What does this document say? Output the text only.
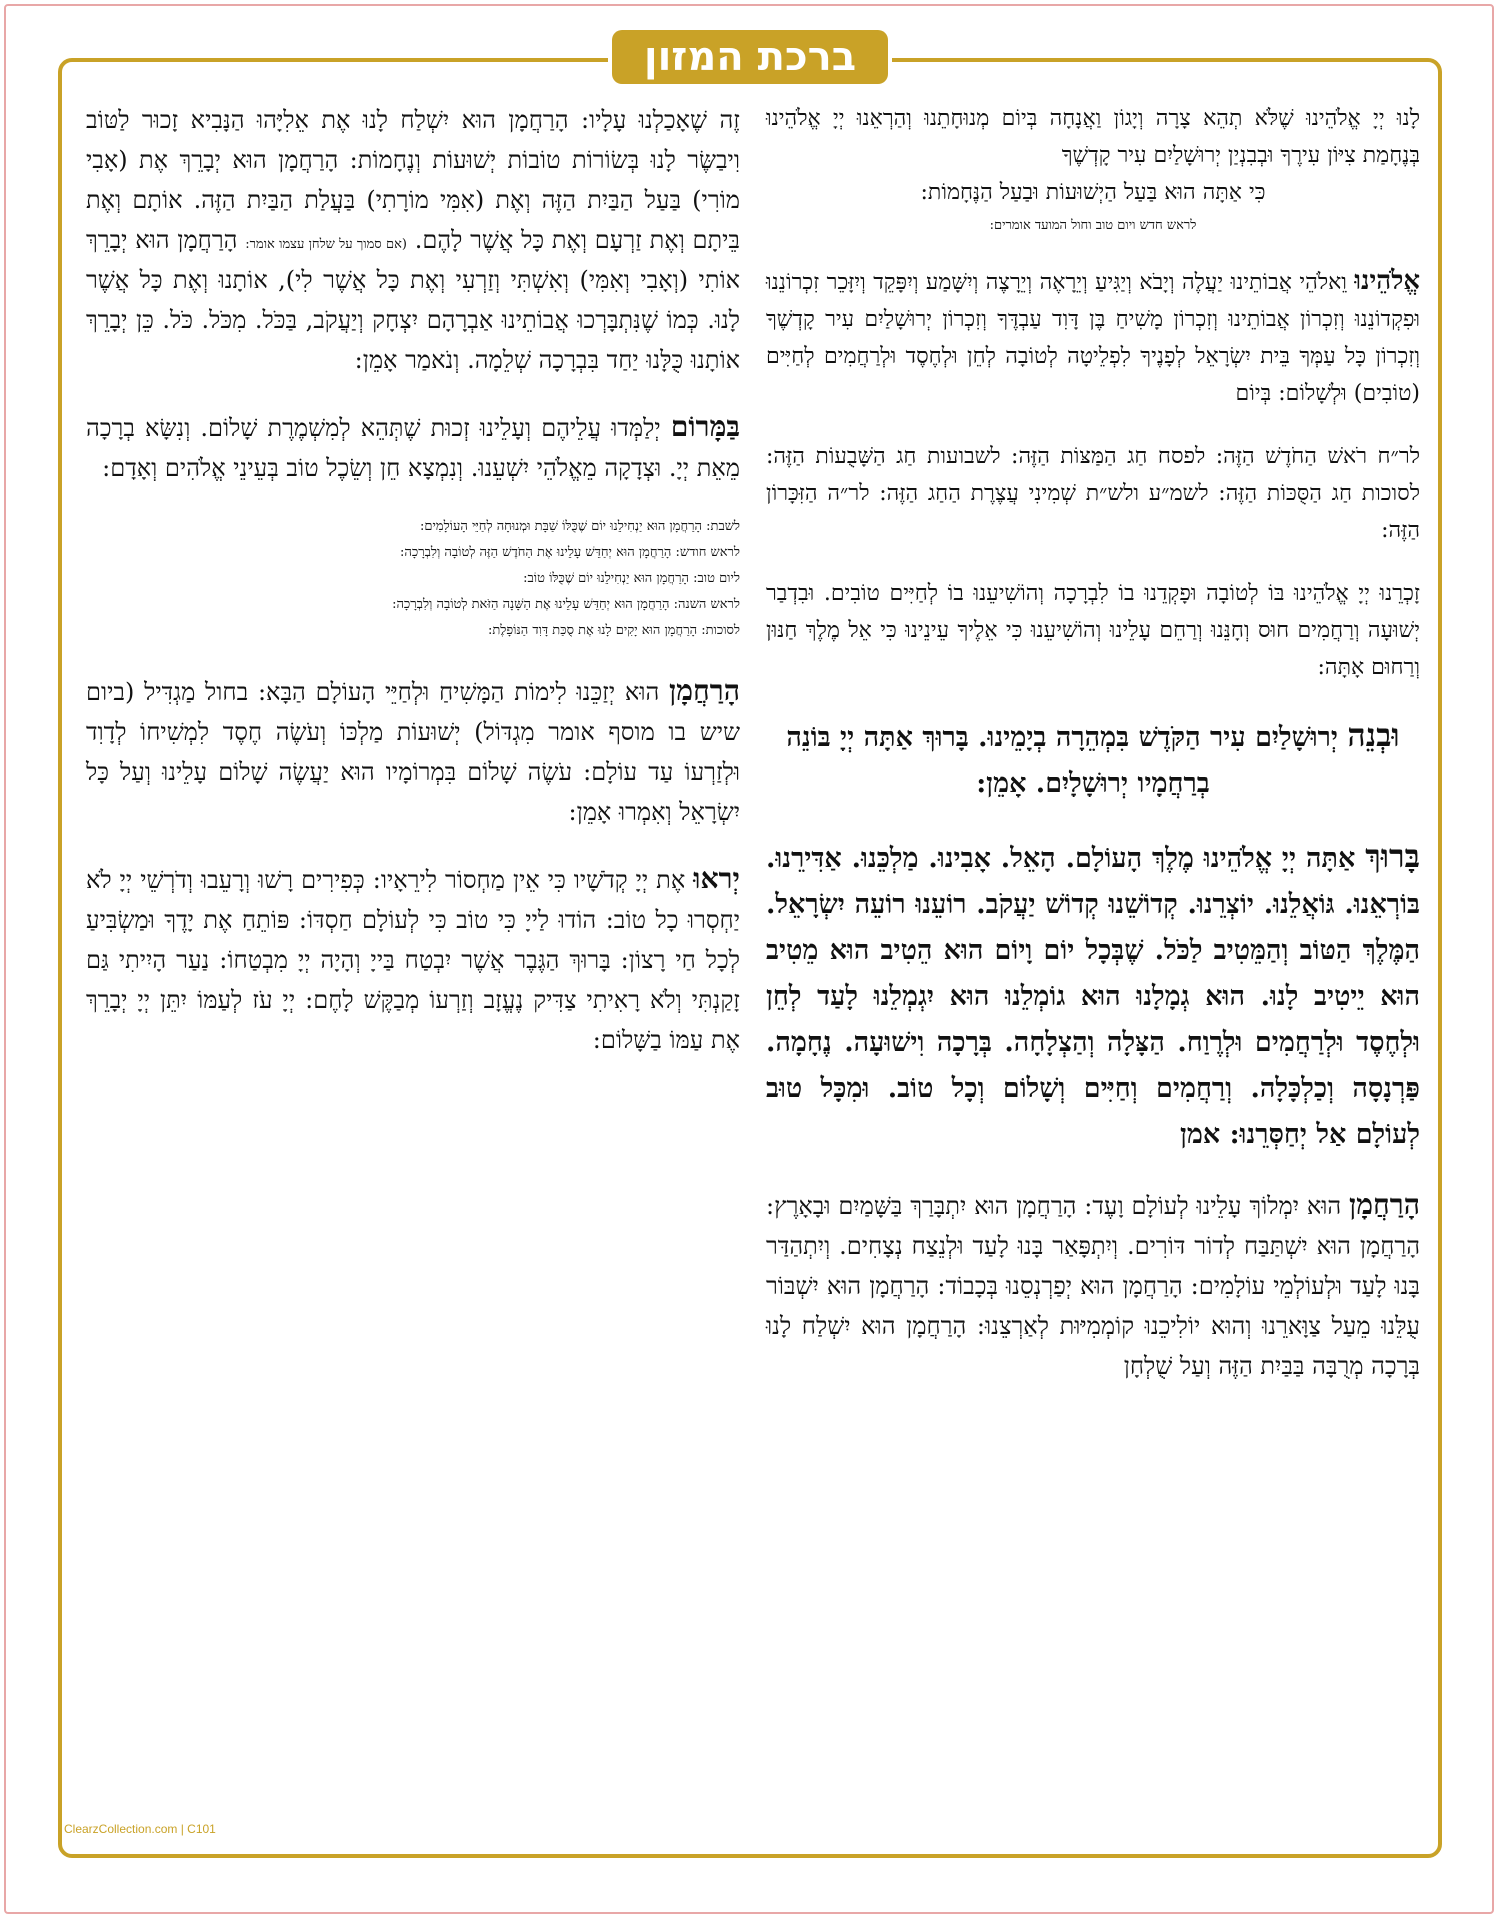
ברכת המזון
לָנוּ יְיָ אֱלֹהֵינוּ שֶׁלֹּא תְהֵא צָרָה וְיָגוֹן וַאֲנָחָה בְּיוֹם מְנוּחָתֵנוּ וְהַרְאֵנוּ יְיָ אֱלֹהֵינוּ בְּנֶחָמַת צִיּוֹן עִירֶךָ וּבְבִנְיַן יְרוּשָׁלַיִם עִיר קָדְשֶׁךָ
כִּי אַתָּה הוּא בַּעַל הַיְשׁוּעוֹת וּבַעַל הַנֶּחָמוֹת:
לראש חדש ויום טוב וחול המועד אומרים:
אֱלֹהֵינוּ וֵאלֹהֵי אֲבוֹתֵינוּ יַעֲלֶה וְיָבֹא וְיַגִּיעַ וְיֵרָאֶה וְיֵרָצֶה וְיִשָּׁמַע וְיִפָּקֵד וְיִזָּכֵר זִכְרוֹנֵנוּ וּפִקְדוֹנֵנוּ וְזִכְרוֹן אֲבוֹתֵינוּ וְזִכְרוֹן מָשִׁיחַ בֶּן דָּוִד עַבְדֶּךָ וְזִכְרוֹן יְרוּשָׁלַיִם עִיר קָדְשֶׁךָ וְזִכְרוֹן כָּל עַמְּךָ בֵּית יִשְׂרָאֵל לְפָנֶיךָ לִפְלֵיטָה לְטוֹבָה לְחֵן וּלְחֶסֶד וּלְרַחֲמִים לְחַיִּים (טוֹבִים) וּלְשָׁלוֹם: בְּיוֹם
לר״ח רֹאשׁ הַחֹדֶשׁ הַזֶּה: לפסח חַג הַמַּצּוֹת הַזֶּה: לשבועות חַג הַשָּׁבֻעוֹת הַזֶּה: לסוכות חַג הַסֻּכּוֹת הַזֶּה: לשמ״ע ולש״ת שְׁמִינִי עֲצֶרֶת הַחַג הַזֶּה: לר״ה הַזִּכָּרוֹן הַזֶּה:
זָכְרֵנוּ יְיָ אֱלֹהֵינוּ בּוֹ לְטוֹבָה וּפָקְדֵנוּ בוֹ לִבְרָכָה וְהוֹשִׁיעֵנוּ בוֹ לְחַיִּים טוֹבִים. וּבִדְבַר יְשׁוּעָה וְרַחֲמִים חוּס וְחָנֵּנוּ וְרַחֵם עָלֵינוּ וְהוֹשִׁיעֵנוּ כִּי אֵלֶיךָ עֵינֵינוּ כִּי אֵל מֶלֶךְ חַנּוּן וְרַחוּם אָתָּה:
וּבְנֵה יְרוּשָׁלַיִם עִיר הַקֹּדֶשׁ בִּמְהֵרָה בְיָמֵינוּ. בָּרוּךְ אַתָּה יְיָ בּוֹנֵה בְרַחֲמָיו יְרוּשָׁלָיִם. אָמֵן:
בָּרוּךְ אַתָּה יְיָ אֱלֹהֵינוּ מֶלֶךְ הָעוֹלָם. הָאֵל. אָבִינוּ. מַלְכֵּנוּ. אַדִּירֵנוּ. בּוֹרְאֵנוּ. גּוֹאֲלֵנוּ. יוֹצְרֵנוּ. קְדוֹשֵׁנוּ קְדוֹשׁ יַעֲקֹב. רוֹעֵנוּ רוֹעֵה יִשְׂרָאֵל. הַמֶּלֶךְ הַטּוֹב וְהַמֵּטִיב לַכֹּל. שֶׁבְּכָל יוֹם וָיוֹם הוּא הֵטִיב הוּא מֵטִיב הוּא יֵיטִיב לָנוּ. הוּא גְמָלָנוּ הוּא גוֹמְלֵנוּ הוּא יִגְמְלֵנוּ לָעַד לְחֵן וּלְחֶסֶד וּלְרַחֲמִים וּלְרֶוַח. הַצָּלָה וְהַצְלָחָה. בְּרָכָה וִישׁוּעָה. נֶחָמָה. פַּרְנָסָה וְכַלְכָּלָה. וְרַחֲמִים וְחַיִּים וְשָׁלוֹם וְכָל טוֹב. וּמִכָּל טוּב לְעוֹלָם אַל יְחַסְּרֵנוּ: אמן
הָרַחֲמָן הוּא יִמְלוֹךְ עָלֵינוּ לְעוֹלָם וָעֶד: הָרַחֲמָן הוּא יִתְבָּרַךְ בַּשָּׁמַיִם וּבָאָרֶץ: הָרַחֲמָן הוּא יִשְׁתַּבַּח לְדוֹר דּוֹרִים. וְיִתְפָּאַר בָּנוּ לָעַד וּלְנֵצַח נְצָחִים. וְיִתְהַדַּר בָּנוּ לָעַד וּלְעוֹלְמֵי עוֹלָמִים: הָרַחֲמָן הוּא יְפַרְנְסֵנוּ בְּכָבוֹד: הָרַחֲמָן הוּא יִשְׁבּוֹר עֻלֵּנוּ מֵעַל צַוָּארֵנוּ וְהוּא יוֹלִיכֵנוּ קוֹמְמִיּוּת לְאַרְצֵנוּ: הָרַחֲמָן הוּא יִשְׁלַח לָנוּ בְּרָכָה מְרֻבָּה בַּבַּיִת הַזֶּה וְעַל שֻׁלְחָן
זֶה שֶׁאָכַלְנוּ עָלָיו: הָרַחֲמָן הוּא יִשְׁלַח לָנוּ אֶת אֵלִיָּהוּ הַנָּבִיא זָכוּר לַטּוֹב וִיבַשֶּׂר לָנוּ בְּשׂוֹרוֹת טוֹבוֹת יְשׁוּעוֹת וְנֶחָמוֹת: הָרַחֲמָן הוּא יְבָרֵךְ אֶת (אָבִי מוֹרִי) בַּעַל הַבַּיִת הַזֶּה וְאֶת (אִמִּי מוֹרָתִי) בַּעֲלַת הַבַּיִת הַזֶּה. אוֹתָם וְאֶת בֵּיתָם וְאֶת זַרְעָם וְאֶת כָּל אֲשֶׁר לָהֶם. (אם סמוך על שלחן עצמו אומר: הָרַחֲמָן הוּא יְבָרֵךְ אוֹתִי (וְאָבִי וְאִמִּי) וְאִשְׁתִּי וְזַרְעִי וְאֶת כָּל אֲשֶׁר לִי), אוֹתָנוּ וְאֶת כָּל אֲשֶׁר לָנוּ. כְּמוֹ שֶׁנִּתְבָּרְכוּ אֲבוֹתֵינוּ אַבְרָהָם יִצְחָק וְיַעֲקֹב, בַּכֹּל. מִכֹּל. כֹּל. כֵּן יְבָרֵךְ אוֹתָנוּ כֻּלָּנוּ יַחַד בִּבְרָכָה שְׁלֵמָה. וְנֹאמַר אָמֵן:
בַּמָּרוֹם יְלַמְּדוּ עֲלֵיהֶם וְעָלֵינוּ זְכוּת שֶׁתְּהֵא לְמִשְׁמֶרֶת שָׁלוֹם. וְנִשָּׂא בְרָכָה מֵאֵת יְיָ. וּצְדָקָה מֵאֱלֹהֵי יִשְׁעֵנוּ. וְנִמְצָא חֵן וְשֵׂכֶל טוֹב בְּעֵינֵי אֱלֹהִים וְאָדָם:
לשבת: הָרַחֲמָן הוּא יַנְחִילֵנוּ יוֹם שֶׁכֻּלּוֹ שַׁבָּת וּמְנוּחָה לְחַיֵּי הָעוֹלָמִים:
לראש חודש: הָרַחֲמָן הוּא יְחַדֵּשׁ עָלֵינוּ אֶת הַחֹדֶשׁ הַזֶּה לְטוֹבָה וְלִבְרָכָה:
ליום טוב: הָרַחֲמָן הוּא יַנְחִילֵנוּ יוֹם שֶׁכֻּלּוֹ טוֹב:
לראש השנה: הָרַחֲמָן הוּא יְחַדֵּשׁ עָלֵינוּ אֶת הַשָּׁנָה הַזֹּאת לְטוֹבָה וְלִבְרָכָה:
לסוכות: הָרַחֲמָן הוּא יָקִים לָנוּ אֶת סֻכַּת דָּוִד הַנּוֹפָלֶת:
הָרַחֲמָן הוּא יְזַכֵּנוּ לִימוֹת הַמָּשִׁיחַ וּלְחַיֵּי הָעוֹלָם הַבָּא: בחול מַגְדִּיל (ביום שיש בו מוסף אומר מִגְדּוֹל) יְשׁוּעוֹת מַלְכּוֹ וְעֹשֶׂה חֶסֶד לִמְשִׁיחוֹ לְדָוִד וּלְזַרְעוֹ עַד עוֹלָם: עֹשֶׂה שָׁלוֹם בִּמְרוֹמָיו הוּא יַעֲשֶׂה שָׁלוֹם עָלֵינוּ וְעַל כָּל יִשְׂרָאֵל וְאִמְרוּ אָמֵן:
יְראוּ אֶת יְיָ קְדֹשָׁיו כִּי אֵין מַחְסוֹר לִירֵאָיו: כְּפִירִים רָשׁוּ וְרָעֵבוּ וְדֹרְשֵׁי יְיָ לֹא יַחְסְרוּ כָל טוֹב: הוֹדוּ לַייָ כִּי טוֹב כִּי לְעוֹלָם חַסְדּוֹ: פּוֹתֵחַ אֶת יָדֶךָ וּמַשְׂבִּיעַ לְכָל חַי רָצוֹן: בָּרוּךְ הַגֶּבֶר אֲשֶׁר יִבְטַח בַּייָ וְהָיָה יְיָ מִבְטַחוֹ: נַעַר הָיִיתִי גַּם זָקַנְתִּי וְלֹא רָאִיתִי צַדִּיק נֶעֱזָב וְזַרְעוֹ מְבַקֶּשׁ לָחֶם: יְיָ עֹז לְעַמּוֹ יִתֵּן יְיָ יְבָרֵךְ אֶת עַמּוֹ בַשָּׁלוֹם:
ClearzCollection.com | C101
